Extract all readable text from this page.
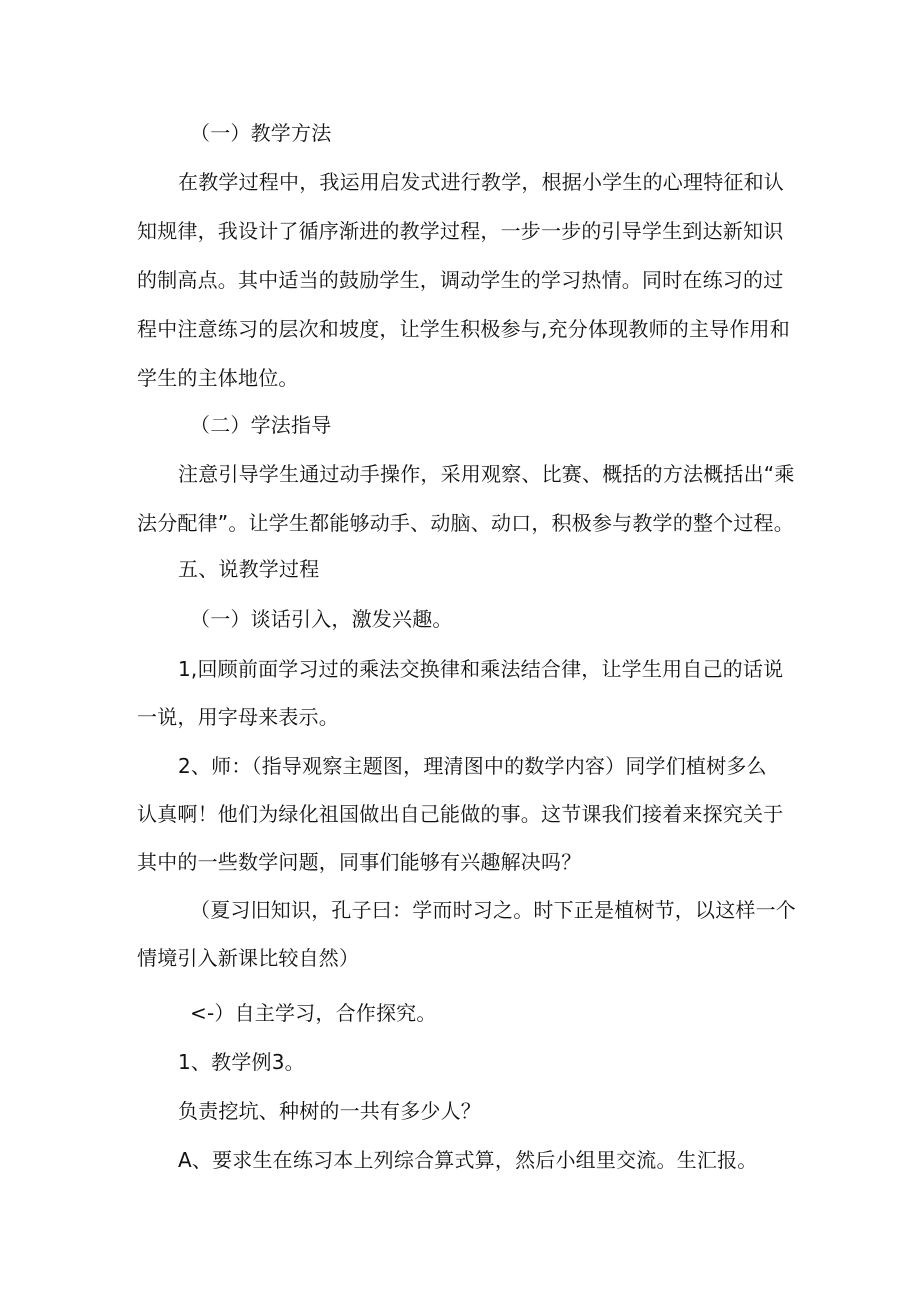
（一）教学方法

在教学过程中，我运用启发式进行教学，根据小学生的心理特征和认

知规律，我设计了循序渐进的教学过程，一步一步的引导学生到达新知识

的制高点。其中适当的鼓励学生，调动学生的学习热情。同时在练习的过

程中注意练习的层次和坡度，让学生积极参与,充分体现教师的主导作用和

学生的主体地位。

（二）学法指导

注意引导学生通过动手操作，采用观察、比赛、概括的方法概括出“乘

法分配律”。让学生都能够动手、动脑、动口，积极参与教学的整个过程。

五、说教学过程

（一）谈话引入，激发兴趣。

1,回顾前面学习过的乘法交换律和乘法结合律，让学生用自己的话说

一说，用字母来表示。

2、师：（指导观察主题图，理清图中的数学内容）同学们植树多么

认真啊！他们为绿化祖国做出自己能做的事。这节课我们接着来探究关于

其中的一些数学问题，同事们能够有兴趣解决吗？

（夏习旧知识，孔子曰：学而时习之。时下正是植树节，以这样一个

情境引入新课比较自然）

<-）自主学习，合作探究。

1、教学例3。

负责挖坑、种树的一共有多少人？

A、要求生在练习本上列综合算式算，然后小组里交流。生汇报。
